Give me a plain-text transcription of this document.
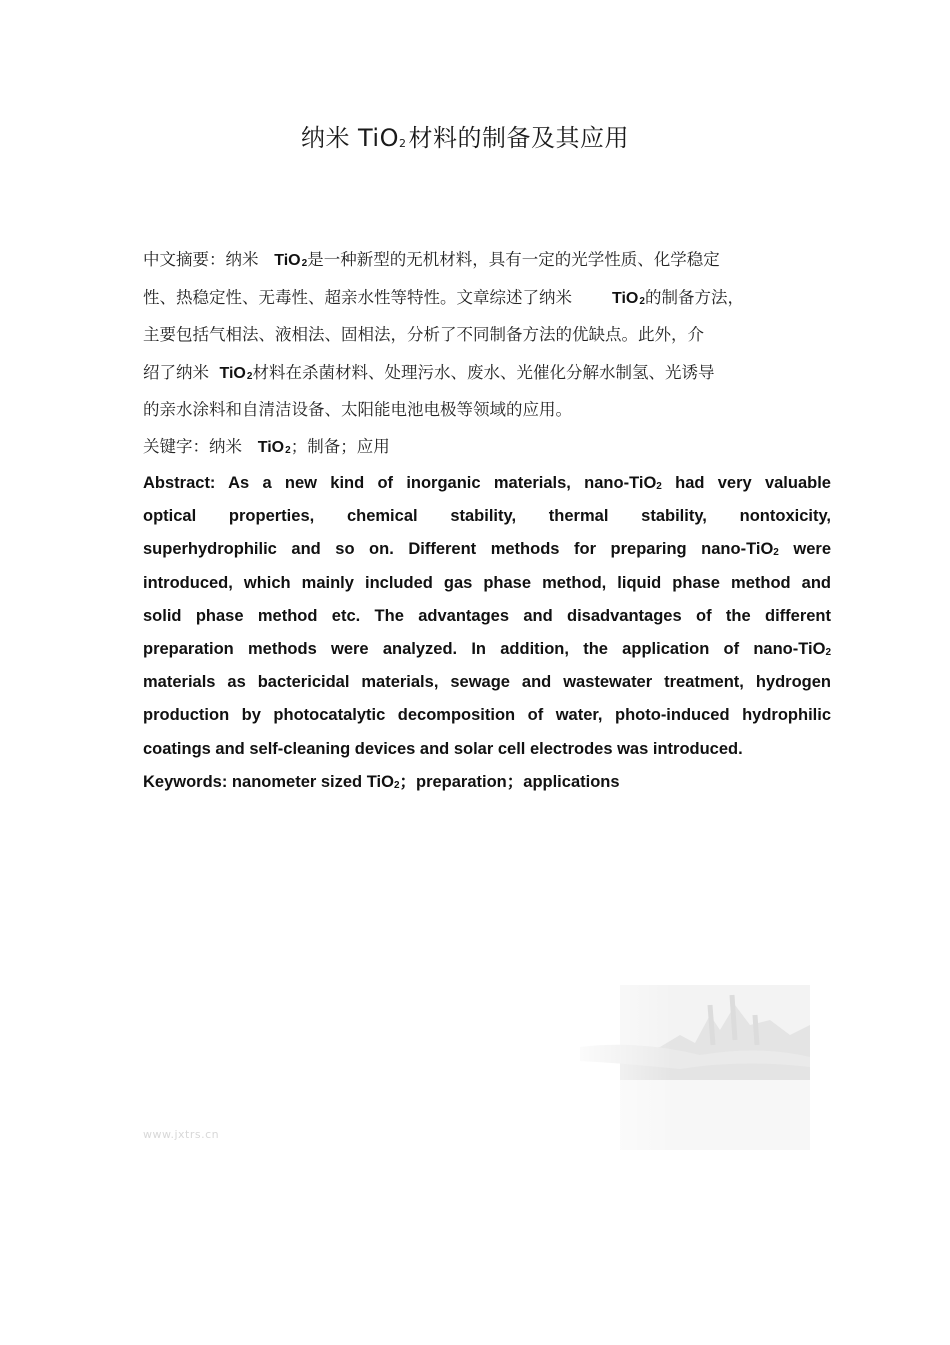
纳米 TiO$_2$材料的制备及其应用
中文摘要：纳米 TiO$_2$是一种新型的无机材料，具有一定的光学性质、化学稳定
性、热稳定性、无毒性、超亲水性等特性。文章综述了纳米	TiO$_2$的制备方法，
主要包括气相法、液相法、固相法，分析了不同制备方法的优缺点。此外，介
绍了纳米 TiO$_2$材料在杀菌材料、处理污水、废水、光催化分解水制氢、光诱导
的亲水涂料和自清洁设备、太阳能电池电极等领域的应用。
关键字：纳米 TiO$_2$；制备；应用
Abstract: As a new kind of inorganic materials, nano-TiO$_2$ had very valuable
optical properties, chemical stability, thermal stability, nontoxicity,
superhydrophilic and so on. Different methods for preparing nano-TiO$_2$ were
introduced, which mainly included gas phase method, liquid phase method and
solid phase method etc. The advantages and disadvantages of the different
preparation methods were analyzed. In addition, the application of nano-TiO$_2$
materials as bactericidal materials, sewage and wastewater treatment, hydrogen
production by photocatalytic decomposition of water, photo-induced hydrophilic
coatings and self-cleaning devices and solar cell electrodes was introduced.
Keywords: nanometer sized TiO$_2$；preparation；applications
www.jxtrs.cn
